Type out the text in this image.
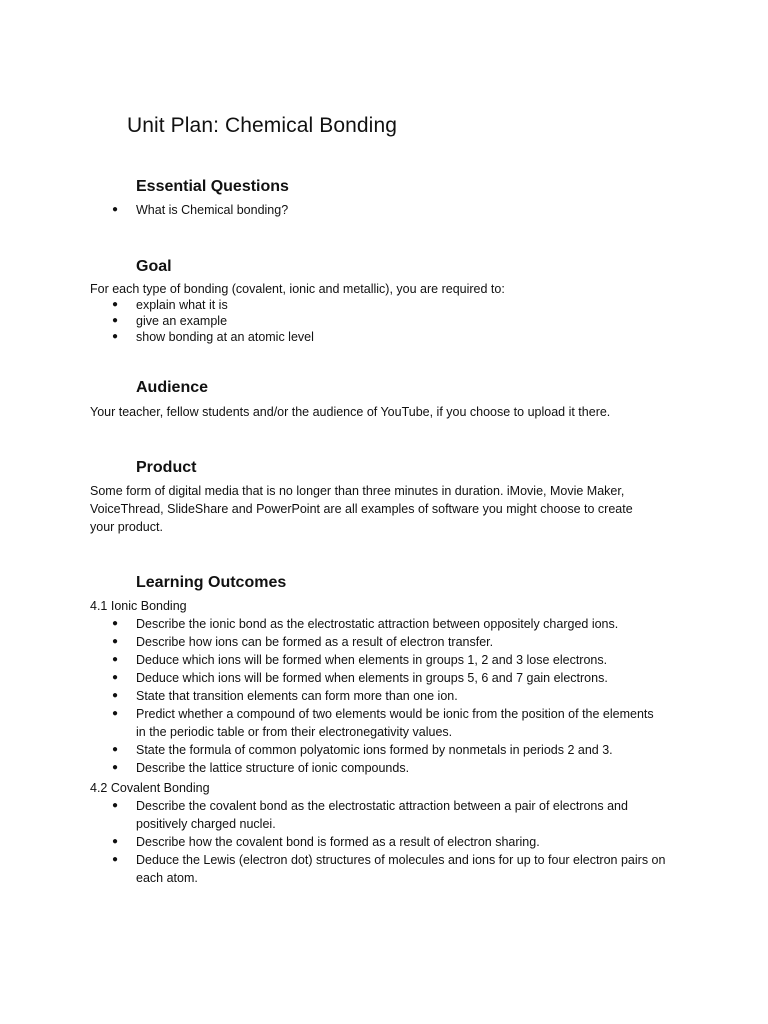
Unit Plan: Chemical Bonding
Essential Questions
● What is Chemical bonding?
Goal

For each type of bonding (covalent, ionic and metallic), you are required to:

● explain what it is
● give an example
● show bonding at an atomic level
Audience

Your teacher, fellow students and/or the audience of YouTube, if you choose to upload it there.

Product

Some form of digital media that is no longer than three minutes in duration. iMovie, Movie Maker, VoiceThread, SlideShare and PowerPoint are all examples of software you might choose to create your product.

Learning Outcomes

4.1 Ionic Bonding

● Describe the ionic bond as the electrostatic attraction between oppositely charged ions.
● Describe how ions can be formed as a result of electron transfer.
● Deduce which ions will be formed when elements in groups 1, 2 and 3 lose electrons.
● Deduce which ions will be formed when elements in groups 5, 6 and 7 gain electrons.
● State that transition elements can form more than one ion.
● Predict whether a compound of two elements would be ionic from the position of the elements in the periodic table or from their electronegativity values.
● State the formula of common polyatomic ions formed by nonmetals in periods 2 and 3.
● Describe the lattice structure of ionic compounds.

4.2 Covalent Bonding

● Describe the covalent bond as the electrostatic attraction between a pair of electrons and positively charged nuclei.
● Describe how the covalent bond is formed as a result of electron sharing.
● Deduce the Lewis (electron dot) structures of molecules and ions for up to four electron pairs on each atom.
